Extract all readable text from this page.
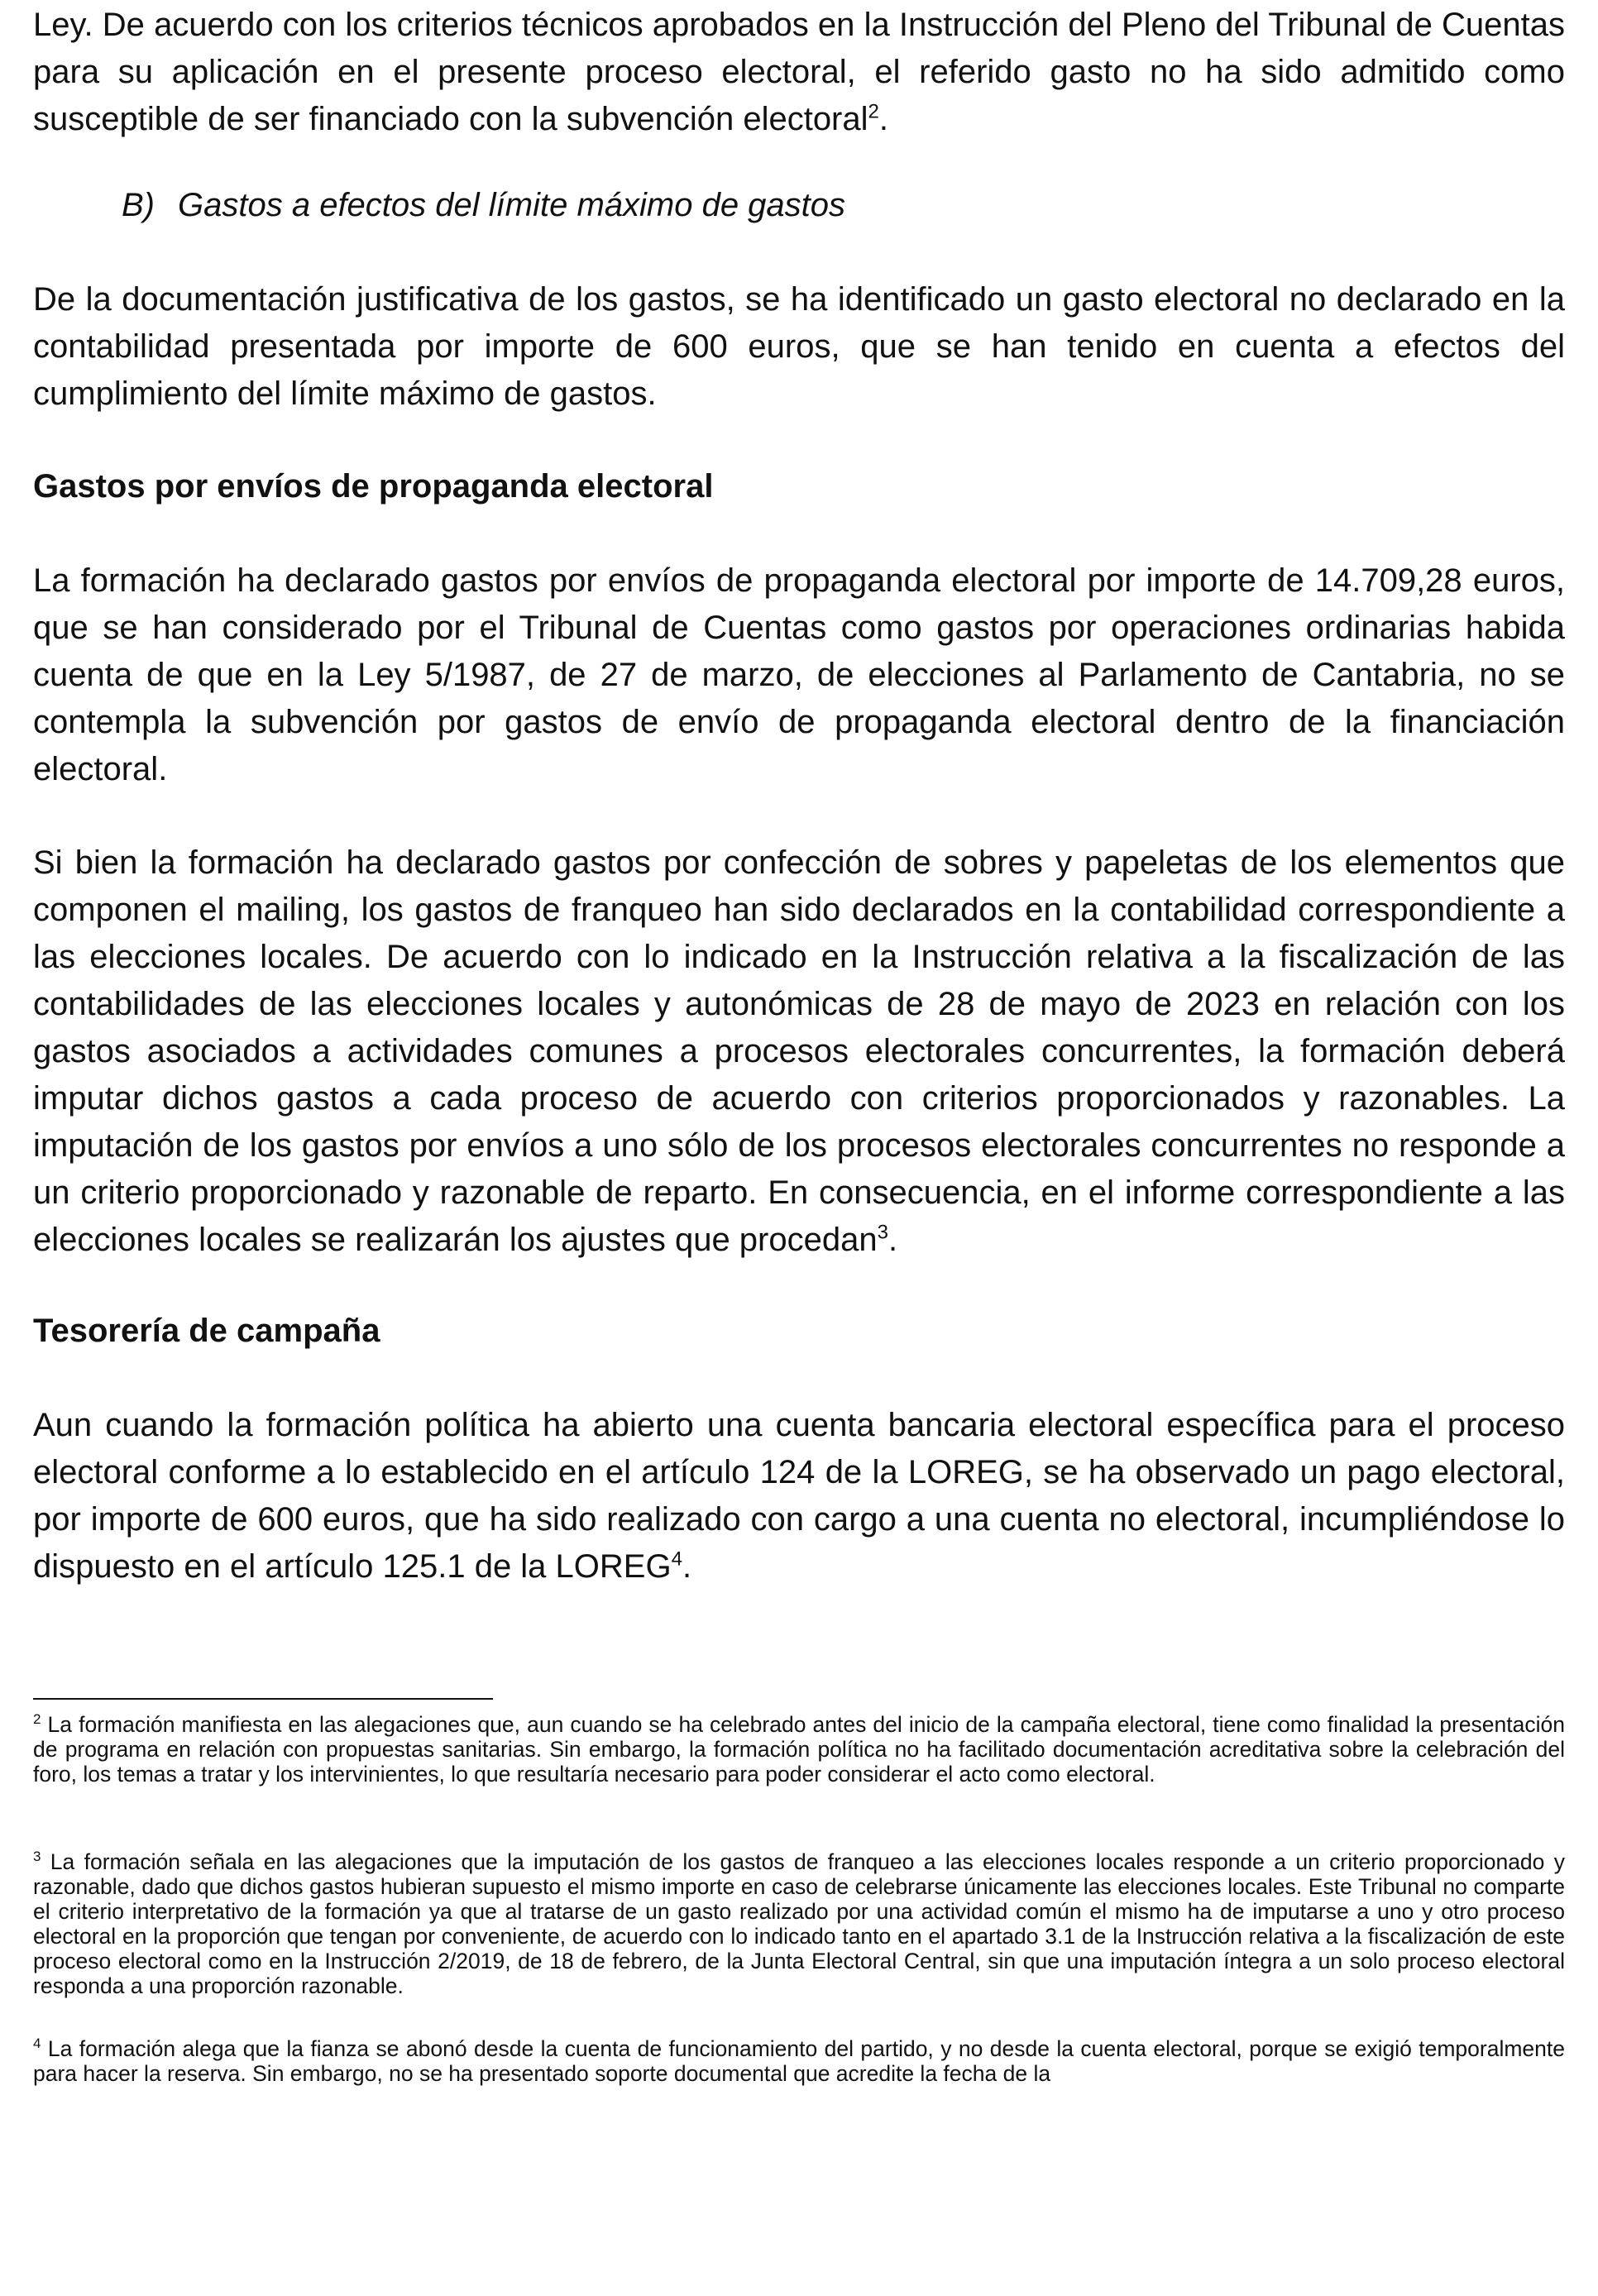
Ley. De acuerdo con los criterios técnicos aprobados en la Instrucción del Pleno del Tribunal de Cuentas para su aplicación en el presente proceso electoral, el referido gasto no ha sido admitido como susceptible de ser financiado con la subvención electoral$^2$.

B) Gastos a efectos del límite máximo de gastos

De la documentación justificativa de los gastos, se ha identificado un gasto electoral no declarado en la contabilidad presentada por importe de 600 euros, que se han tenido en cuenta a efectos del cumplimiento del límite máximo de gastos.

Gastos por envíos de propaganda electoral

La formación ha declarado gastos por envíos de propaganda electoral por importe de 14.709,28 euros, que se han considerado por el Tribunal de Cuentas como gastos por operaciones ordinarias habida cuenta de que en la Ley 5/1987, de 27 de marzo, de elecciones al Parlamento de Cantabria, no se contempla la subvención por gastos de envío de propaganda electoral dentro de la financiación electoral.

Si bien la formación ha declarado gastos por confección de sobres y papeletas de los elementos que componen el mailing, los gastos de franqueo han sido declarados en la contabilidad correspondiente a las elecciones locales. De acuerdo con lo indicado en la Instrucción relativa a la fiscalización de las contabilidades de las elecciones locales y autonómicas de 28 de mayo de 2023 en relación con los gastos asociados a actividades comunes a procesos electorales concurrentes, la formación deberá imputar dichos gastos a cada proceso de acuerdo con criterios proporcionados y razonables. La imputación de los gastos por envíos a uno sólo de los procesos electorales concurrentes no responde a un criterio proporcionado y razonable de reparto. En consecuencia, en el informe correspondiente a las elecciones locales se realizarán los ajustes que procedan$^3$.

Tesorería de campaña

Aun cuando la formación política ha abierto una cuenta bancaria electoral específica para el proceso electoral conforme a lo establecido en el artículo 124 de la LOREG, se ha observado un pago electoral, por importe de 600 euros, que ha sido realizado con cargo a una cuenta no electoral, incumpliéndose lo dispuesto en el artículo 125.1 de la LOREG$^4$.

$^2$ La formación manifiesta en las alegaciones que, aun cuando se ha celebrado antes del inicio de la campaña electoral, tiene como finalidad la presentación de programa en relación con propuestas sanitarias. Sin embargo, la formación política no ha facilitado documentación acreditativa sobre la celebración del foro, los temas a tratar y los intervinientes, lo que resultaría necesario para poder considerar el acto como electoral.

$^3$ La formación señala en las alegaciones que la imputación de los gastos de franqueo a las elecciones locales responde a un criterio proporcionado y razonable, dado que dichos gastos hubieran supuesto el mismo importe en caso de celebrarse únicamente las elecciones locales. Este Tribunal no comparte el criterio interpretativo de la formación ya que al tratarse de un gasto realizado por una actividad común el mismo ha de imputarse a uno y otro proceso electoral en la proporción que tengan por conveniente, de acuerdo con lo indicado tanto en el apartado 3.1 de la Instrucción relativa a la fiscalización de este proceso electoral como en la Instrucción 2/2019, de 18 de febrero, de la Junta Electoral Central, sin que una imputación íntegra a un solo proceso electoral responda a una proporción razonable.

$^4$ La formación alega que la fianza se abonó desde la cuenta de funcionamiento del partido, y no desde la cuenta electoral, porque se exigió temporalmente para hacer la reserva. Sin embargo, no se ha presentado soporte documental que acredite la fecha de la
